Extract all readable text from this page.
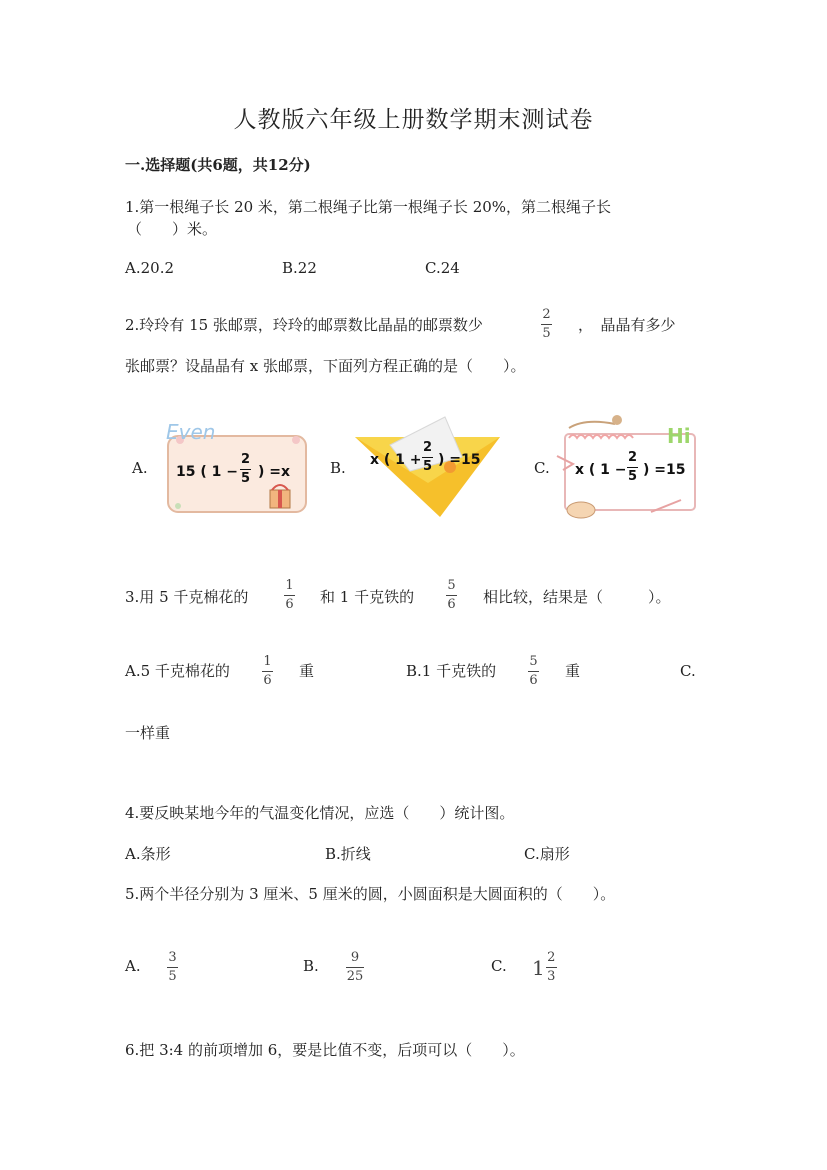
人教版六年级上册数学期末测试卷
一.选择题(共6题，共12分)
1.第一根绳子长 20 米，第二根绳子比第一根绳子长 20%，第二根绳子长
（　　）米。
A.20.2	B.22	C.24
2.玲玲有 15 张邮票，玲玲的邮票数比晶晶的邮票数少
2
5 ，　晶晶有多少
张邮票？设晶晶有 x 张邮票，下面列方程正确的是（　　）。
A.	B.	C.
Even
15 ( 1 −
2
5 ) =x
x ( 1 +
2
5 ) =15
Hi
x ( 1 −
2
5 ) =15
3.用 5 千克棉花的
1
6 和 1 千克铁的
5
6 相比较，结果是（　　　）。
A.5 千克棉花的
1
6
重	B.1 千克铁的
5
6
重	C.
一样重
4.要反映某地今年的气温变化情况，应选（　　）统计图。
A.条形	B.折线	C.扇形
5.两个半径分别为 3 厘米、5 厘米的圆，小圆面积是大圆面积的（　　）。
A. 3
5
B. 9
25
C. $1 \frac{2}{3}$
6.把 3:4 的前项增加 6，要是比值不变，后项可以（　　）。
